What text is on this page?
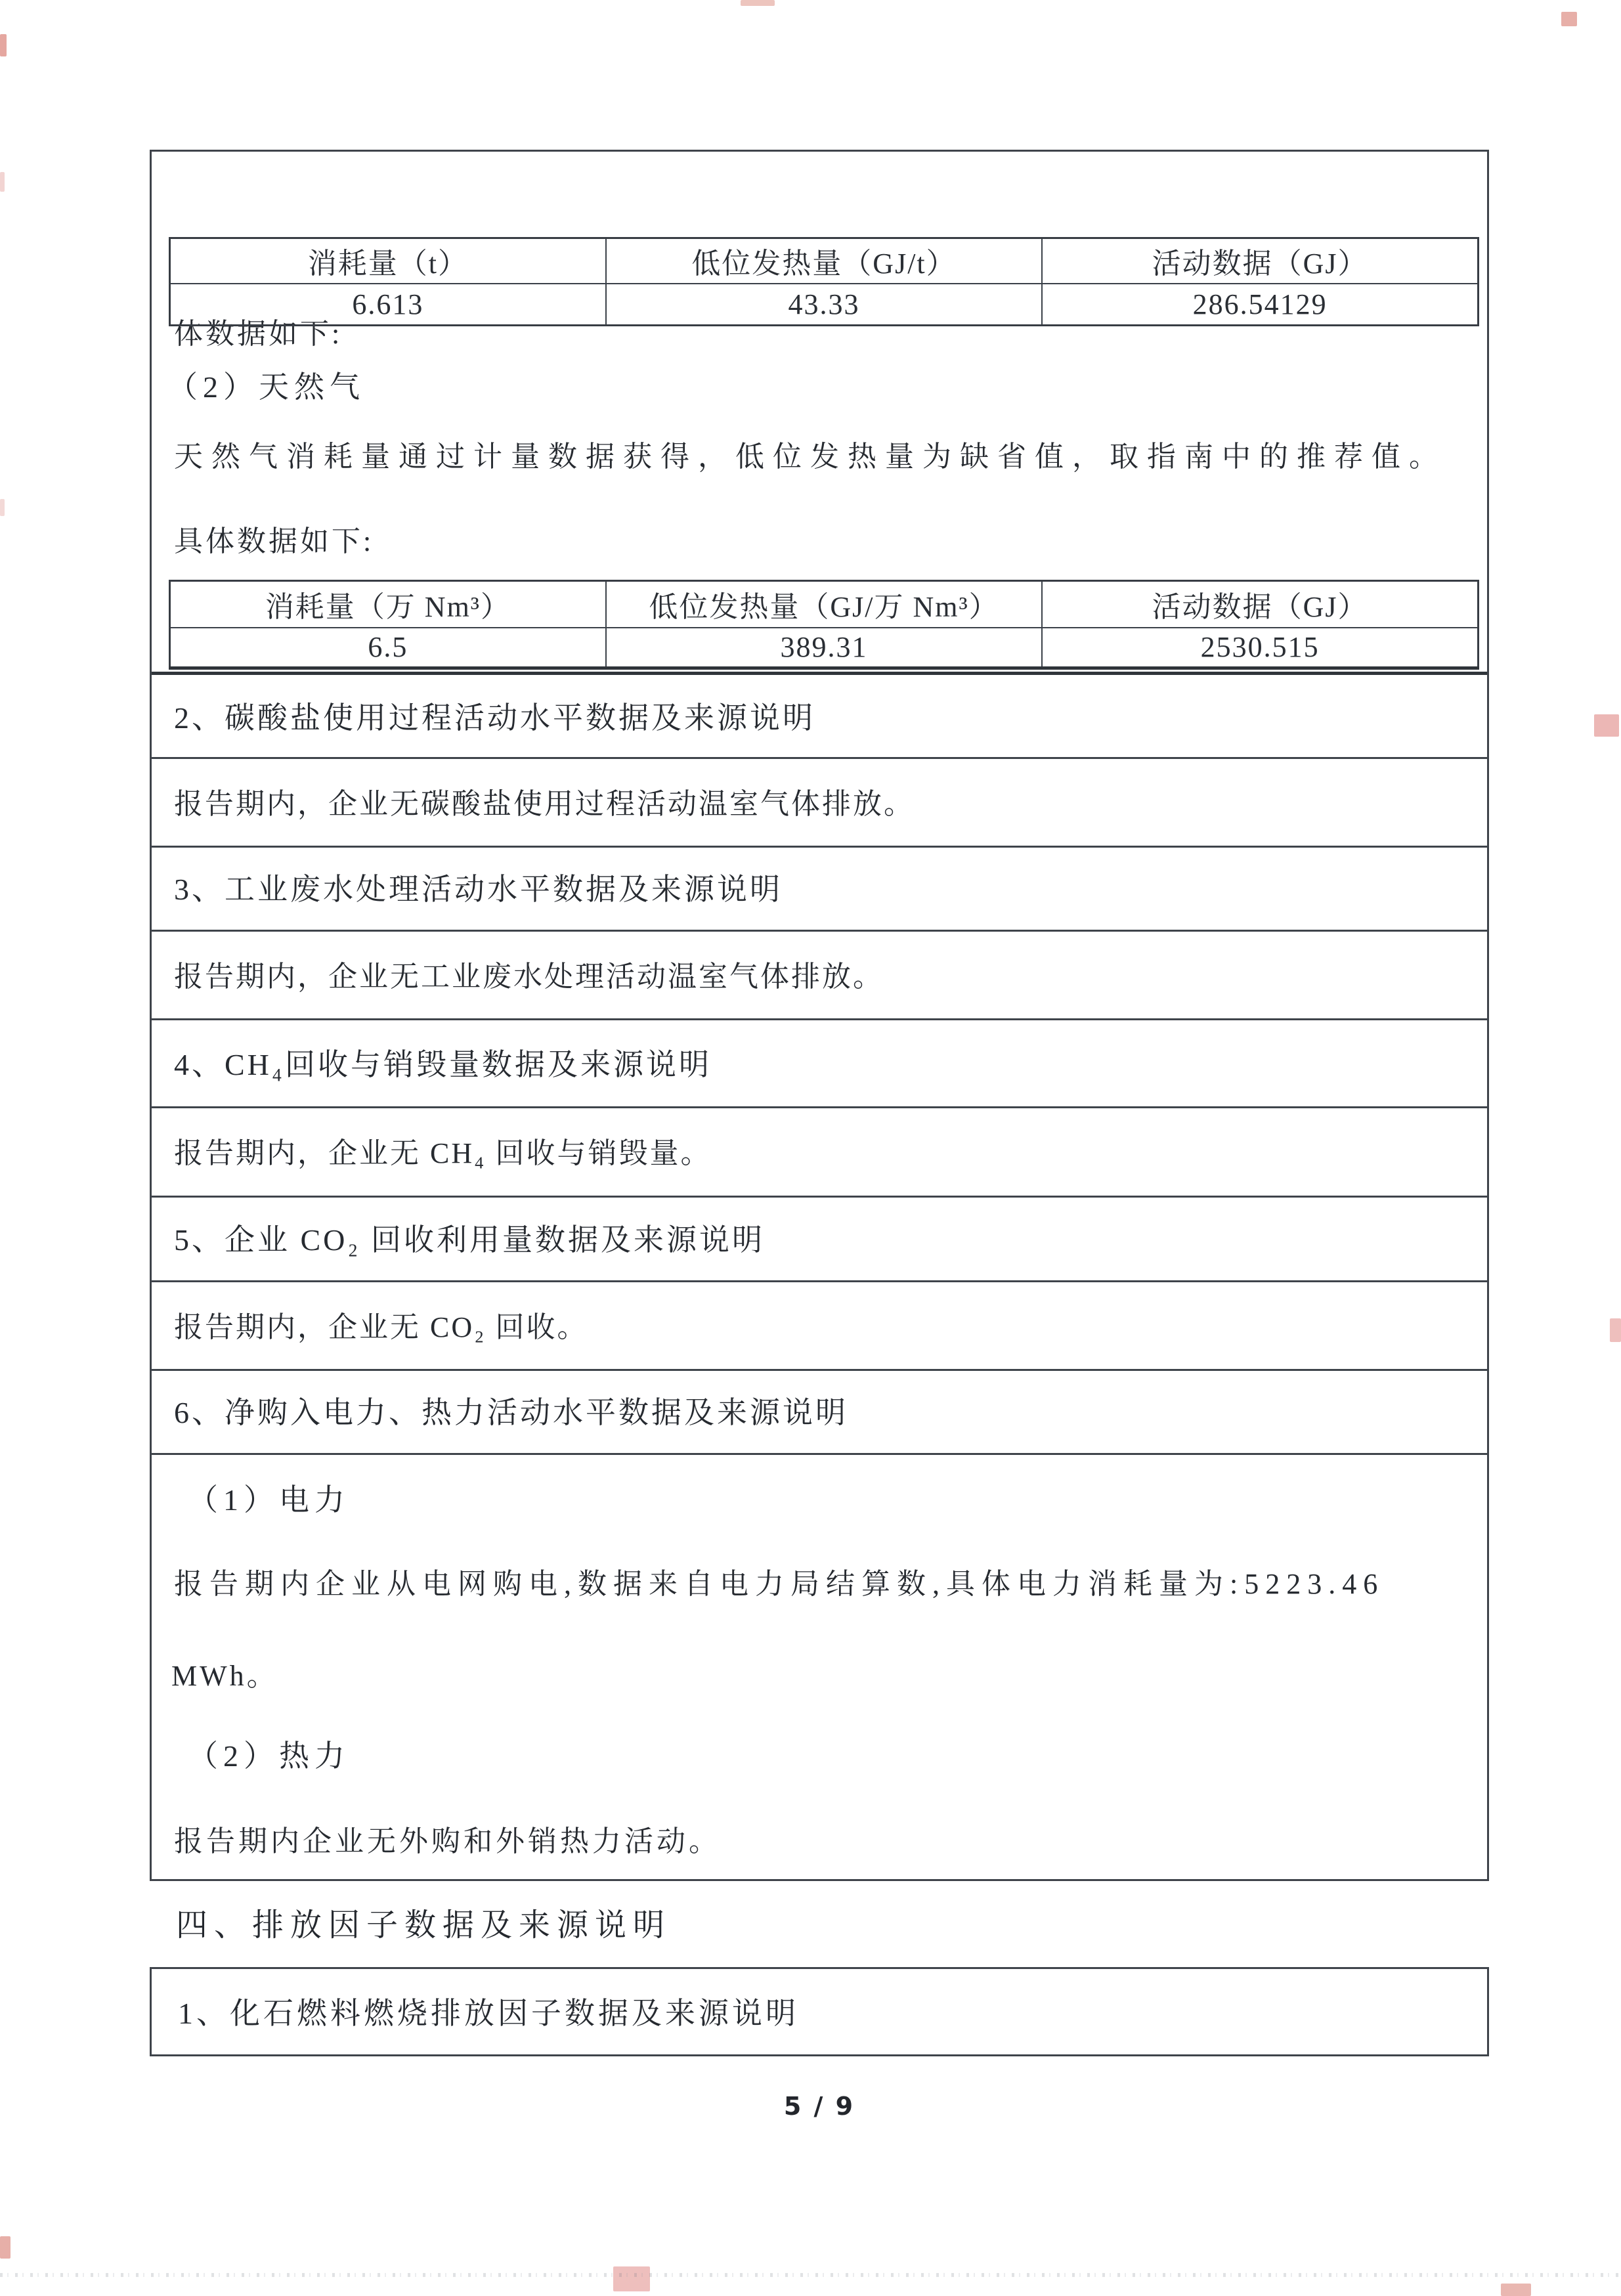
体数据如下:
消耗量（t）	低位发热量（GJ/t）	活动数据（GJ）
6.613	43.33	286.54129
（2）天然气
天然气消耗量通过计量数据获得，低位发热量为缺省值，取指南中的推荐值。
具体数据如下:
消耗量（万 Nm³）	低位发热量（GJ/万 Nm³）	活动数据（GJ）
6.5	389.31	2530.515
2、碳酸盐使用过程活动水平数据及来源说明
报告期内，企业无碳酸盐使用过程活动温室气体排放。
3、工业废水处理活动水平数据及来源说明
报告期内，企业无工业废水处理活动温室气体排放。
4、CH₄回收与销毁量数据及来源说明
报告期内，企业无 CH₄ 回收与销毁量。
5、企业 CO₂ 回收利用量数据及来源说明
报告期内，企业无 CO₂ 回收。
6、净购入电力、热力活动水平数据及来源说明
（1）电力
报告期内企业从电网购电,数据来自电力局结算数,具体电力消耗量为:5223.46
MWh。
（2）热力
报告期内企业无外购和外销热力活动。
四、排放因子数据及来源说明
1、化石燃料燃烧排放因子数据及来源说明
5 / 9
